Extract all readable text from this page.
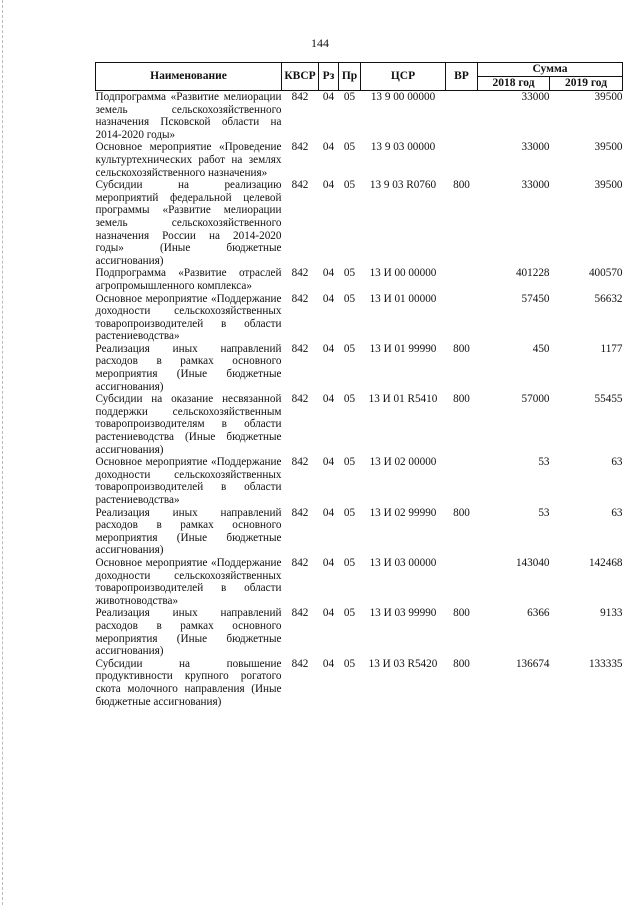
144
Наименование	КВСР	Рз	Пр	ЦСР	ВР	Сумма	
						2018 год	2019 год
Подпрограмма «Развитие мелиорации земель сельскохозяйственного назначения Псковской области на 2014-2020 годы»	842	04	05	13 9 00 00000		33000	39500
Основное мероприятие «Проведение культуртехнических работ на землях сельскохозяйственного назначения»	842	04	05	13 9 03 00000		33000	39500
Субсидии на реализацию мероприятий федеральной целевой программы «Развитие мелиорации земель сельскохозяйственного назначения России на 2014-2020 годы» (Иные бюджетные ассигнования)	842	04	05	13 9 03 R0760	800	33000	39500
Подпрограмма «Развитие отраслей агропромышленного комплекса»	842	04	05	13 И 00 00000		401228	400570
Основное мероприятие «Поддержание доходности сельскохозяйственных товаропроизводителей в области растениеводства»	842	04	05	13 И 01 00000		57450	56632
Реализация иных направлений расходов в рамках основного мероприятия (Иные бюджетные ассигнования)	842	04	05	13 И 01 99990	800	450	1177
Субсидии на оказание несвязанной поддержки сельскохозяйственным товаропроизводителям в области растениеводства (Иные бюджетные ассигнования)	842	04	05	13 И 01 R5410	800	57000	55455
Основное мероприятие «Поддержание доходности сельскохозяйственных товаропроизводителей в области растениеводства»	842	04	05	13 И 02 00000		53	63
Реализация иных направлений расходов в рамках основного мероприятия (Иные бюджетные ассигнования)	842	04	05	13 И 02 99990	800	53	63
Основное мероприятие «Поддержание доходности сельскохозяйственных товаропроизводителей в области животноводства»	842	04	05	13 И 03 00000		143040	142468
Реализация иных направлений расходов в рамках основного мероприятия (Иные бюджетные ассигнования)	842	04	05	13 И 03 99990	800	6366	9133
Субсидии на повышение продуктивности крупного рогатого скота молочного направления (Иные бюджетные ассигнования)	842	04	05	13 И 03 R5420	800	136674	133335
